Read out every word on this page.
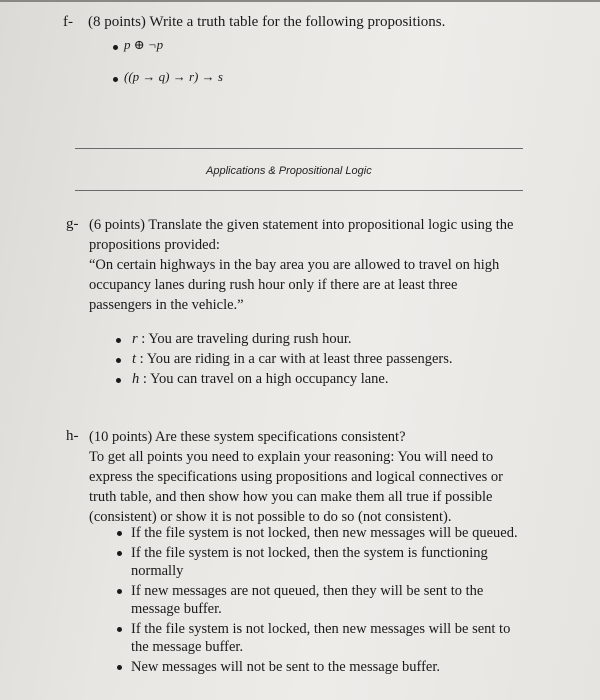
f- (8 points) Write a truth table for the following propositions.
p ⊕ ¬p
((p → q) → r) → s
Applications & Propositional Logic
g- (6 points) Translate the given statement into propositional logic using the
propositions provided:
“On certain highways in the bay area you are allowed to travel on high
occupancy lanes during rush hour only if there are at least three
passengers in the vehicle.”
r : You are traveling during rush hour.
t : You are riding in a car with at least three passengers.
h : You can travel on a high occupancy lane.
h- (10 points) Are these system specifications consistent?
To get all points you need to explain your reasoning: You will need to
express the specifications using propositions and logical connectives or
truth table, and then show how you can make them all true if possible
(consistent) or show it is not possible to do so (not consistent).
If the file system is not locked, then new messages will be queued.
If the file system is not locked, then the system is functioning
normally
If new messages are not queued, then they will be sent to the
message buffer.
If the file system is not locked, then new messages will be sent to
the message buffer.
New messages will not be sent to the message buffer.
